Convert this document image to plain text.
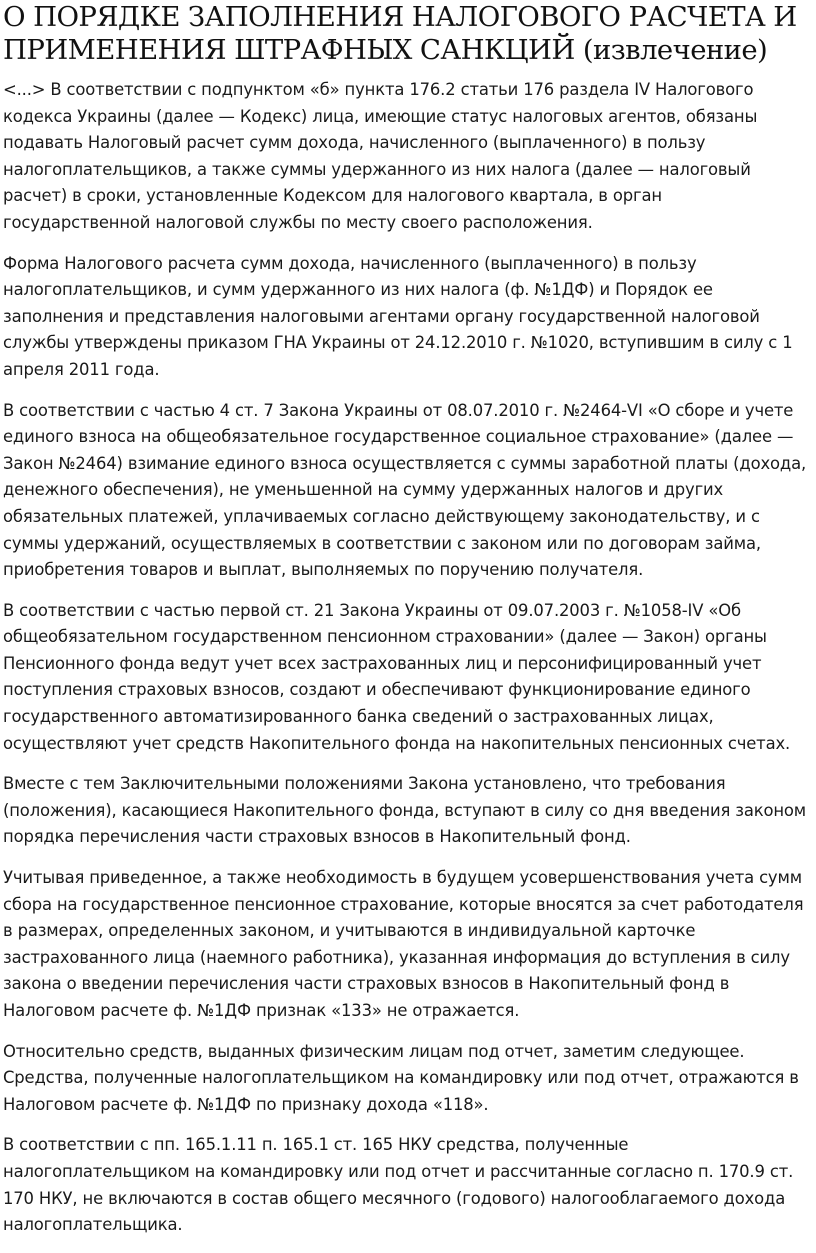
О ПОРЯДКЕ ЗАПОЛНЕНИЯ НАЛОГОВОГО РАСЧЕТА И ПРИМЕНЕНИЯ ШТРАФНЫХ САНКЦИЙ (извлечение)

<...> В соответствии с подпунктом «б» пункта 176.2 статьи 176 раздела IV Налогового кодекса Украины (далее — Кодекс) лица, имеющие статус налоговых агентов, обязаны подавать Налоговый расчет сумм дохода, начисленного (выплаченного) в пользу налогоплательщиков, а также суммы удержанного из них налога (далее — налоговый расчет) в сроки, установленные Кодексом для налогового квартала, в орган государственной налоговой службы по месту своего расположения.

Форма Налогового расчета сумм дохода, начисленного (выплаченного) в пользу налогоплательщиков, и сумм удержанного из них налога (ф. №1ДФ) и Порядок ее заполнения и представления налоговыми агентами органу государственной налоговой службы утверждены приказом ГНА Украины от 24.12.2010 г. №1020, вступившим в силу с 1 апреля 2011 года.

В соответствии с частью 4 ст. 7 Закона Украины от 08.07.2010 г. №2464-VI «О сборе и учете единого взноса на общеобязательное государственное социальное страхование» (далее — Закон №2464) взимание единого взноса осуществляется с суммы заработной платы (дохода, денежного обеспечения), не уменьшенной на сумму удержанных налогов и других обязательных платежей, уплачиваемых согласно действующему законодательству, и с суммы удержаний, осуществляемых в соответствии с законом или по договорам займа, приобретения товаров и выплат, выполняемых по поручению получателя.

В соответствии с частью первой ст. 21 Закона Украины от 09.07.2003 г. №1058-IV «Об общеобязательном государственном пенсионном страховании» (далее — Закон) органы Пенсионного фонда ведут учет всех застрахованных лиц и персонифицированный учет поступления страховых взносов, создают и обеспечивают функционирование единого государственного автоматизированного банка сведений о застрахованных лицах, осуществляют учет средств Накопительного фонда на накопительных пенсионных счетах.

Вместе с тем Заключительными положениями Закона установлено, что требования (положения), касающиеся Накопительного фонда, вступают в силу со дня введения законом порядка перечисления части страховых взносов в Накопительный фонд.

Учитывая приведенное, а также необходимость в будущем усовершенствования учета сумм сбора на государственное пенсионное страхование, которые вносятся за счет работодателя в размерах, определенных законом, и учитываются в индивидуальной карточке застрахованного лица (наемного работника), указанная информация до вступления в силу закона о введении перечисления части страховых взносов в Накопительный фонд в Налоговом расчете ф. №1ДФ признак «133» не отражается.

Относительно средств, выданных физическим лицам под отчет, заметим следующее. Средства, полученные налогоплательщиком на командировку или под отчет, отражаются в Налоговом расчете ф. №1ДФ по признаку дохода «118».

В соответствии с пп. 165.1.11 п. 165.1 ст. 165 НКУ средства, полученные налогоплательщиком на командировку или под отчет и рассчитанные согласно п. 170.9 ст. 170 НКУ, не включаются в состав общего месячного (годового) налогооблагаемого дохода налогоплательщика.
